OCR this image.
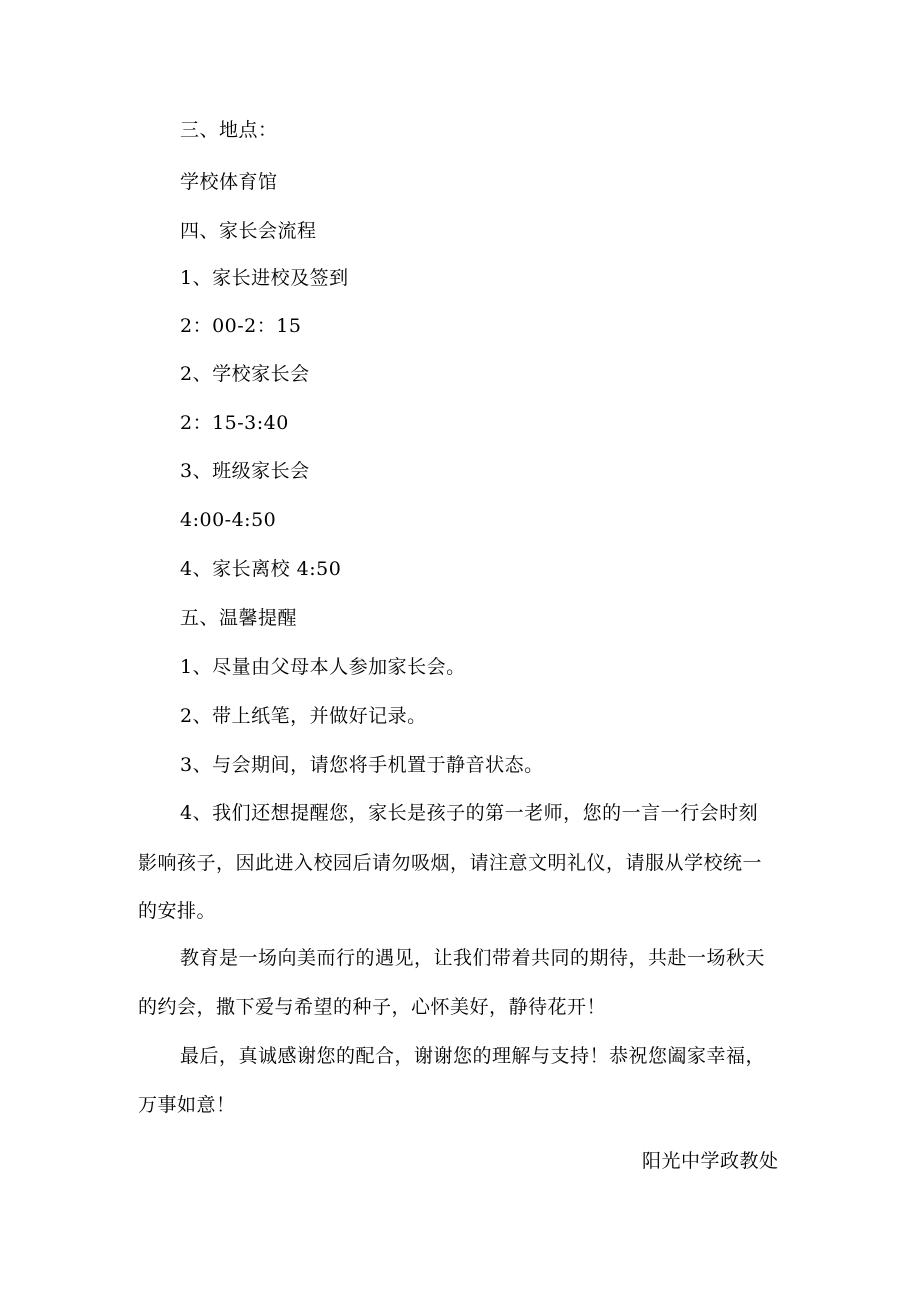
三、地点：
学校体育馆
四、家长会流程
1、家长进校及签到
2：00-2：15
2、学校家长会
2：15-3:40
3、班级家长会
4:00-4:50
4、家长离校 4:50
五、温馨提醒
1、尽量由父母本人参加家长会。
2、带上纸笔，并做好记录。
3、与会期间，请您将手机置于静音状态。
4、我们还想提醒您，家长是孩子的第一老师，您的一言一行会时刻
影响孩子，因此进入校园后请勿吸烟，请注意文明礼仪，请服从学校统一
的安排。
教育是一场向美而行的遇见，让我们带着共同的期待，共赴一场秋天
的约会，撒下爱与希望的种子，心怀美好，静待花开！
最后，真诚感谢您的配合，谢谢您的理解与支持！恭祝您阖家幸福，
万事如意！
阳光中学政教处
